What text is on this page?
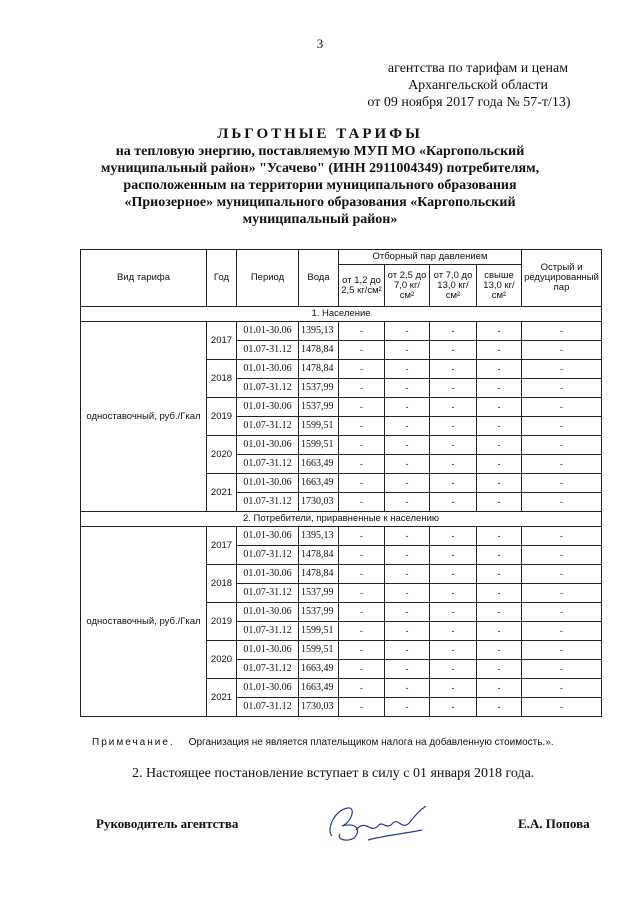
3
агентства по тарифам и ценам
Архангельской области
от 09 ноября 2017 года № 57-т/13)
ЛЬГОТНЫЕ ТАРИФЫ
на тепловую энергию, поставляемую МУП МО «Каргопольский
муниципальный район» "Усачево" (ИНН 2911004349) потребителям,
расположенным на территории муниципального образования
«Приозерное» муниципального образования «Каргопольский
муниципальный район»
Вид тарифа	Год	Период	Вода	Отборный пар давлением				Острый и редуцированный пар
				от 1,2 до 2,5 кг/см²	от 2,5 до 7,0 кг/см²	от 7,0 до 13,0 кг/см²	свыше 13,0 кг/см²	
1. Население								
одноставочный, руб./Гкал	2017	01.01-30.06	1395,13	-	-	-	-	-
		01.07-31.12	1478,84	-	-	-	-	-
	2018	01.01-30.06	1478,84	-	-	-	-	-
		01.07-31.12	1537,99	-	-	-	-	-
	2019	01.01-30.06	1537,99	-	-	-	-	-
		01.07-31.12	1599,51	-	-	-	-	-
	2020	01.01-30.06	1599,51	-	-	-	-	-
		01.07-31.12	1663,49	-	-	-	-	-
	2021	01.01-30.06	1663,49	-	-	-	-	-
		01.07-31.12	1730,03	-	-	-	-	-
2. Потребители, приравненные к населению								
одноставочный, руб./Гкал	2017	01.01-30.06	1395,13	-	-	-	-	-
		01.07-31.12	1478,84	-	-	-	-	-
	2018	01.01-30.06	1478,84	-	-	-	-	-
		01.07-31.12	1537,99	-	-	-	-	-
	2019	01.01-30.06	1537,99	-	-	-	-	-
		01.07-31.12	1599,51	-	-	-	-	-
	2020	01.01-30.06	1599,51	-	-	-	-	-
		01.07-31.12	1663,49	-	-	-	-	-
	2021	01.01-30.06	1663,49	-	-	-	-	-
		01.07-31.12	1730,03	-	-	-	-	-
Примечание. Организация не является плательщиком налога на добавленную стоимость.».
2. Настоящее постановление вступает в силу с 01 января 2018 года.
Руководитель агентства	Е.А. Попова
